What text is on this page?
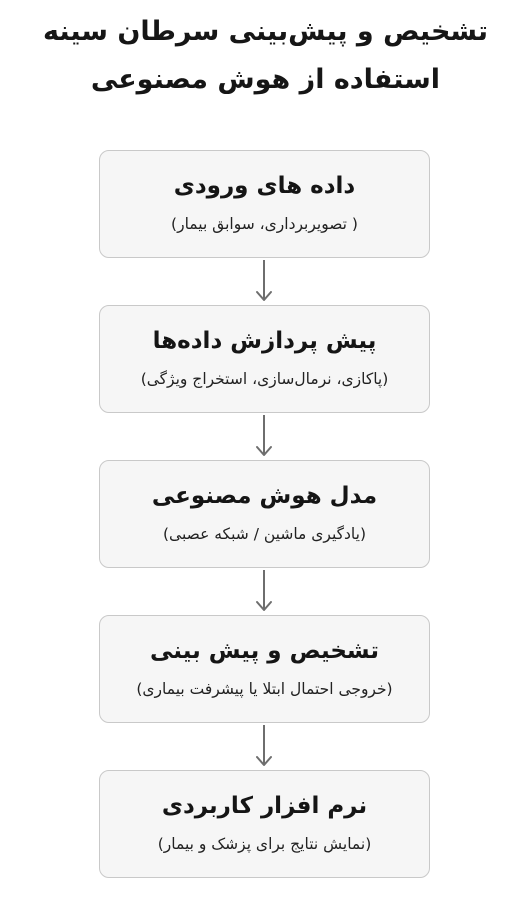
تشخیص و پیش‌بینی سرطان سینه
استفاده از هوش مصنوعی
داده های ورودی
( تصویربرداری، سوابق بیمار)
پیش پردازش داده‌ها
(پاکازی، نرمال‌سازی، استخراج ویژگی)
مدل هوش مصنوعی
(یادگیری ماشین / شبکه عصبی)
تشخیص و پیش بینی
(خروجی احتمال ابتلا یا پیشرفت بیماری)
نرم افزار کاربردی
(نمایش نتایج برای پزشک و بیمار)
